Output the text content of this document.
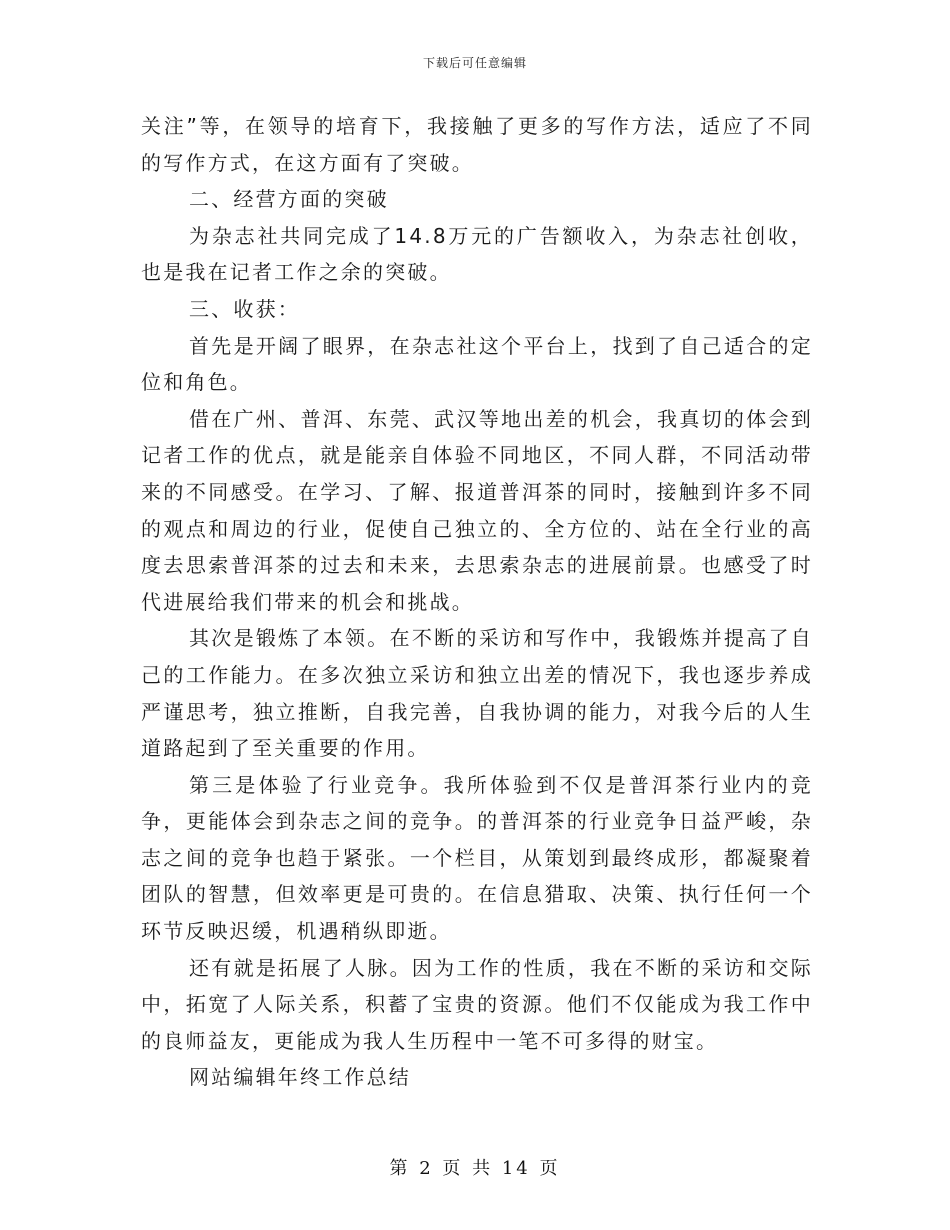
下载后可任意编辑

关注”等，在领导的培育下，我接触了更多的写作方法，适应了不同的写作方式，在这方面有了突破。

二、经营方面的突破

为杂志社共同完成了14.8万元的广告额收入，为杂志社创收，也是我在记者工作之余的突破。

三、收获：

首先是开阔了眼界，在杂志社这个平台上，找到了自己适合的定位和角色。

借在广州、普洱、东莞、武汉等地出差的机会，我真切的体会到记者工作的优点，就是能亲自体验不同地区，不同人群，不同活动带来的不同感受。在学习、了解、报道普洱茶的同时，接触到许多不同的观点和周边的行业，促使自己独立的、全方位的、站在全行业的高度去思索普洱茶的过去和未来，去思索杂志的进展前景。也感受了时代进展给我们带来的机会和挑战。

其次是锻炼了本领。在不断的采访和写作中，我锻炼并提高了自己的工作能力。在多次独立采访和独立出差的情况下，我也逐步养成严谨思考，独立推断，自我完善，自我协调的能力，对我今后的人生道路起到了至关重要的作用。

第三是体验了行业竞争。我所体验到不仅是普洱茶行业内的竞争，更能体会到杂志之间的竞争。的普洱茶的行业竞争日益严峻，杂志之间的竞争也趋于紧张。一个栏目，从策划到最终成形，都凝聚着团队的智慧，但效率更是可贵的。在信息猎取、决策、执行任何一个环节反映迟缓，机遇稍纵即逝。

还有就是拓展了人脉。因为工作的性质，我在不断的采访和交际中，拓宽了人际关系，积蓄了宝贵的资源。他们不仅能成为我工作中的良师益友，更能成为我人生历程中一笔不可多得的财宝。

网站编辑年终工作总结

第 2 页 共 14 页
